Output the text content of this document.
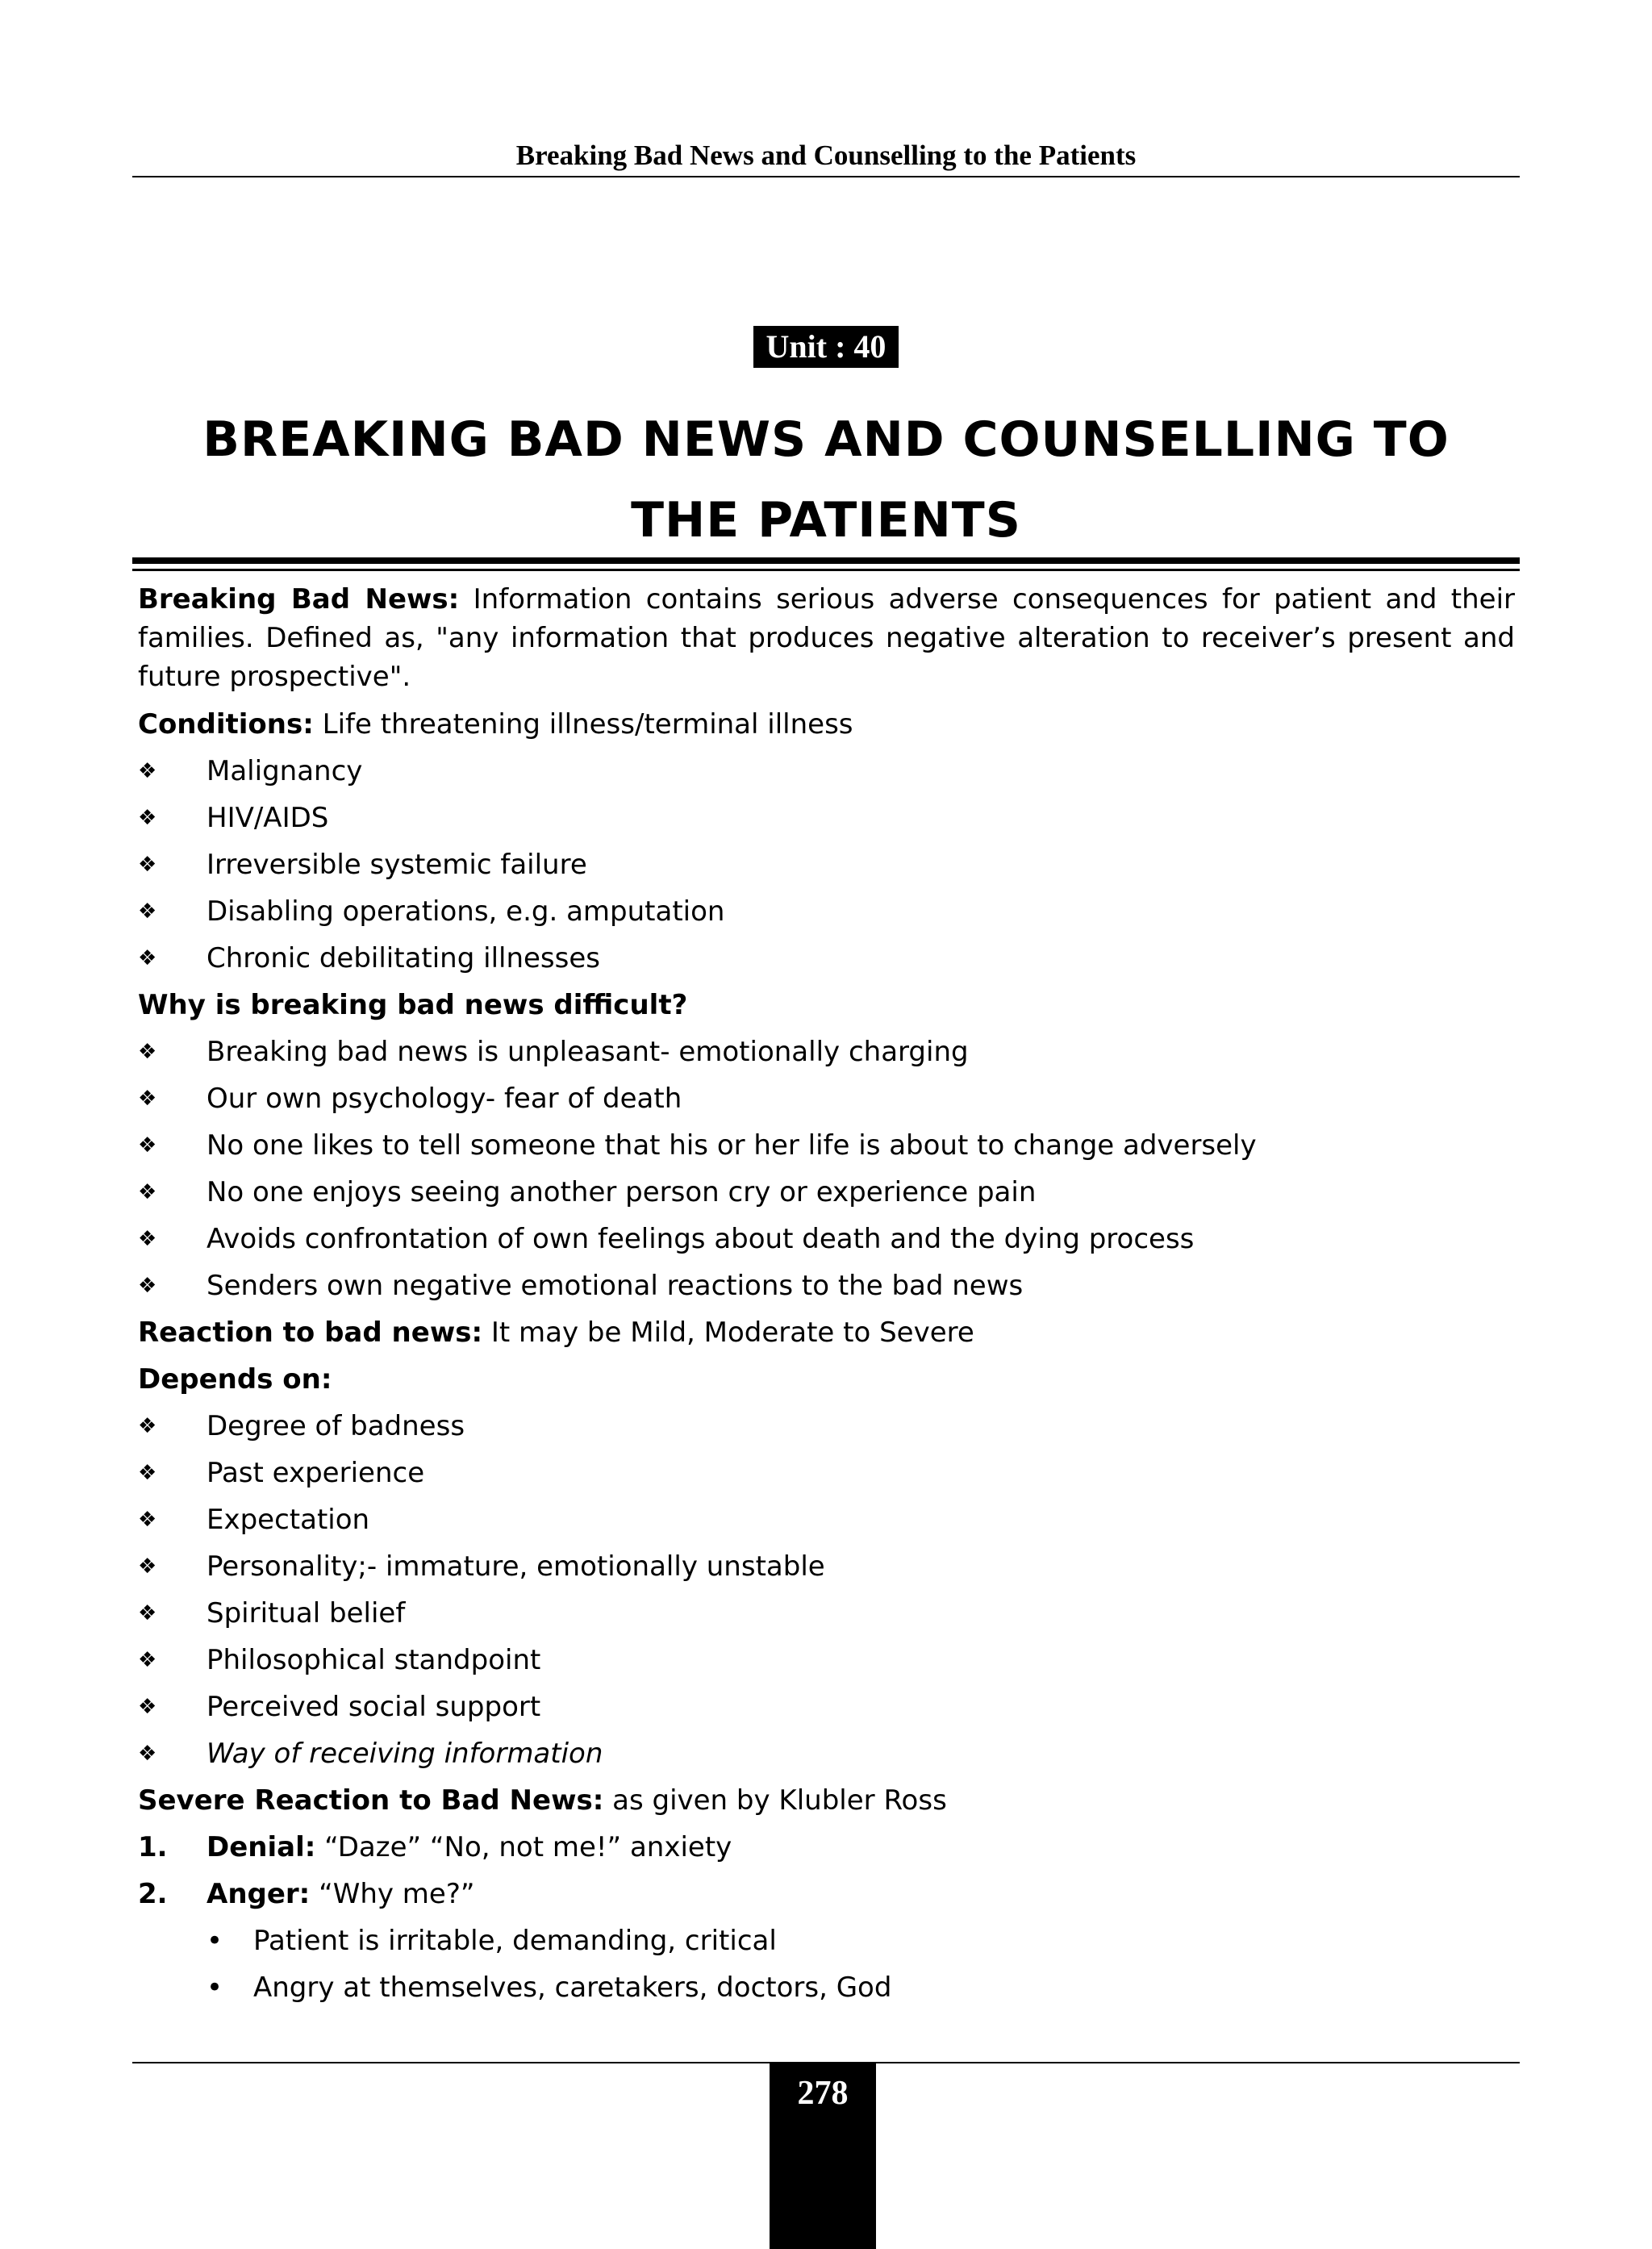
Breaking Bad News and Counselling to the Patients
Unit : 40
BREAKING BAD NEWS AND COUNSELLING TO
THE PATIENTS

Breaking Bad News: Information contains serious adverse consequences for patient and their families. Defined as, "any information that produces negative alteration to receiver’s present and future prospective".

Conditions: Life threatening illness/terminal illness

❖ Malignancy
❖ HIV/AIDS
❖ Irreversible systemic failure
❖ Disabling operations, e.g. amputation
❖ Chronic debilitating illnesses

Why is breaking bad news difficult?

❖ Breaking bad news is unpleasant- emotionally charging
❖ Our own psychology- fear of death
❖ No one likes to tell someone that his or her life is about to change adversely
❖ No one enjoys seeing another person cry or experience pain
❖ Avoids confrontation of own feelings about death and the dying process
❖ Senders own negative emotional reactions to the bad news

Reaction to bad news: It may be Mild, Moderate to Severe

Depends on:

❖ Degree of badness
❖ Past experience
❖ Expectation
❖ Personality;- immature, emotionally unstable
❖ Spiritual belief
❖ Philosophical standpoint
❖ Perceived social support
❖ Way of receiving information

Severe Reaction to Bad News: as given by Klubler Ross

1. Denial: “Daze” “No, not me!” anxiety
2. Anger: “Why me?”
• Patient is irritable, demanding, critical
• Angry at themselves, caretakers, doctors, God
278
